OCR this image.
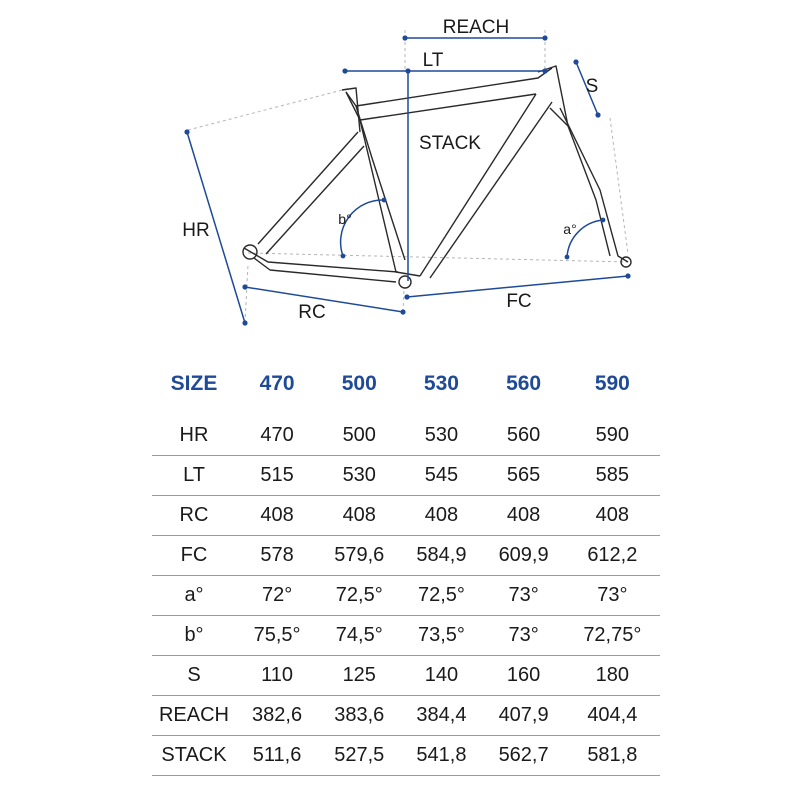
REACH
LT
S
STACK
HR
b°
a°
RC
FC
SIZE	470	500	530	560	590
HR	470	500	530	560	590
LT	515	530	545	565	585
RC	408	408	408	408	408
FC	578	579,6	584,9	609,9	612,2
a°	72°	72,5°	72,5°	73°	73°
b°	75,5°	74,5°	73,5°	73°	72,75°
S	110	125	140	160	180
REACH	382,6	383,6	384,4	407,9	404,4
STACK	511,6	527,5	541,8	562,7	581,8
